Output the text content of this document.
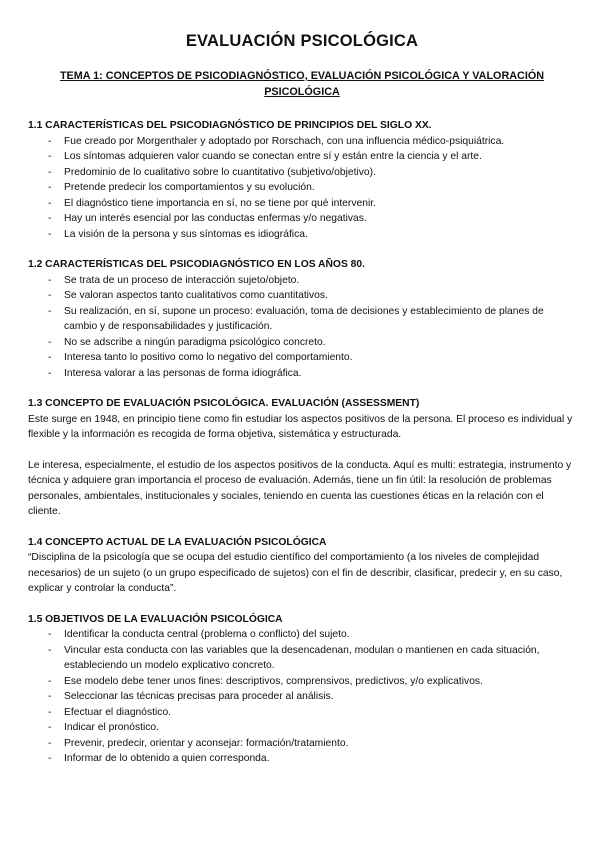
EVALUACIÓN PSICOLÓGICA
TEMA 1: CONCEPTOS DE PSICODIAGNÓSTICO, EVALUACIÓN PSICOLÓGICA Y VALORACIÓN PSICOLÓGICA
1.1 CARACTERÍSTICAS DEL PSICODIAGNÓSTICO DE PRINCIPIOS DEL SIGLO XX.
- Fue creado por Morgenthaler y adoptado por Rorschach, con una influencia médico-psiquiátrica.
- Los síntomas adquieren valor cuando se conectan entre sí y están entre la ciencia y el arte.
- Predominio de lo cualitativo sobre lo cuantitativo (subjetivo/objetivo).
- Pretende predecir los comportamientos y su evolución.
- El diagnóstico tiene importancia en sí, no se tiene por qué intervenir.
- Hay un interés esencial por las conductas enfermas y/o negativas.
- La visión de la persona y sus síntomas es idiográfica.
1.2 CARACTERÍSTICAS DEL PSICODIAGNÓSTICO EN LOS AÑOS 80.
- Se trata de un proceso de interacción sujeto/objeto.
- Se valoran aspectos tanto cualitativos como cuantitativos.
- Su realización, en sí, supone un proceso: evaluación, toma de decisiones y establecimiento de planes de cambio y de responsabilidades y justificación.
- No se adscribe a ningún paradigma psicológico concreto.
- Interesa tanto lo positivo como lo negativo del comportamiento.
- Interesa valorar a las personas de forma idiográfica.
1.3 CONCEPTO DE EVALUACIÓN PSICOLÓGICA. EVALUACIÓN (ASSESSMENT)

Este surge en 1948, en principio tiene como fin estudiar los aspectos positivos de la persona. El proceso es individual y flexible y la información es recogida de forma objetiva, sistemática y estructurada.

Le interesa, especialmente, el estudio de los aspectos positivos de la conducta. Aquí es multi: estrategia, instrumento y técnica y adquiere gran importancia el proceso de evaluación. Además, tiene un fin útil: la resolución de problemas personales, ambientales, institucionales y sociales, teniendo en cuenta las cuestiones éticas en la relación con el cliente.

1.4 CONCEPTO ACTUAL DE LA EVALUACIÓN PSICOLÓGICA

“Disciplina de la psicología que se ocupa del estudio científico del comportamiento (a los niveles de complejidad necesarios) de un sujeto (o un grupo especificado de sujetos) con el fin de describir, clasificar, predecir y, en su caso, explicar y controlar la conducta”.

1.5 OBJETIVOS DE LA EVALUACIÓN PSICOLÓGICA
- Identificar la conducta central (problema o conflicto) del sujeto.
- Vincular esta conducta con las variables que la desencadenan, modulan o mantienen en cada situación, estableciendo un modelo explicativo concreto.
- Ese modelo debe tener unos fines: descriptivos, comprensivos, predictivos, y/o explicativos.
- Seleccionar las técnicas precisas para proceder al análisis.
- Efectuar el diagnóstico.
- Indicar el pronóstico.
- Prevenir, predecir, orientar y aconsejar: formación/tratamiento.
- Informar de lo obtenido a quien corresponda.
